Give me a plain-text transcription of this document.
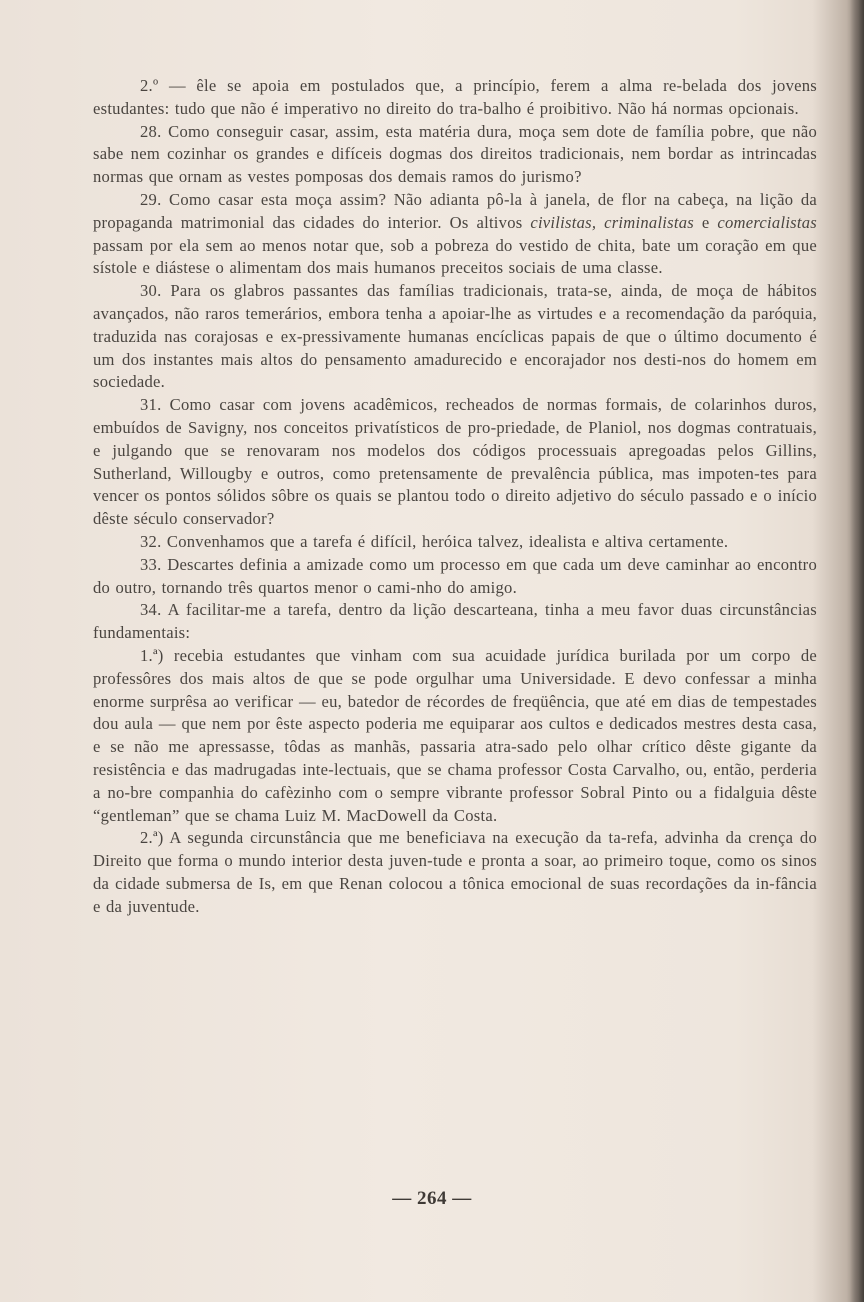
2.º — êle se apoia em postulados que, a princípio, ferem a alma re-belada dos jovens estudantes: tudo que não é imperativo no direito do tra-balho é proibitivo. Não há normas opcionais.

28. Como conseguir casar, assim, esta matéria dura, moça sem dote de família pobre, que não sabe nem cozinhar os grandes e difíceis dogmas dos direitos tradicionais, nem bordar as intrincadas normas que ornam as vestes pomposas dos demais ramos do jurismo?

29. Como casar esta moça assim? Não adianta pô-la à janela, de flor na cabeça, na lição da propaganda matrimonial das cidades do interior. Os altivos civilistas, criminalistas e comercialistas passam por ela sem ao menos notar que, sob a pobreza do vestido de chita, bate um coração em que sístole e diástese o alimentam dos mais humanos preceitos sociais de uma classe.

30. Para os glabros passantes das famílias tradicionais, trata-se, ainda, de moça de hábitos avançados, não raros temerários, embora tenha a apoiar-lhe as virtudes e a recomendação da paróquia, traduzida nas corajosas e ex-pressivamente humanas encíclicas papais de que o último documento é um dos instantes mais altos do pensamento amadurecido e encorajador nos desti-nos do homem em sociedade.

31. Como casar com jovens acadêmicos, recheados de normas formais, de colarinhos duros, embuídos de Savigny, nos conceitos privatísticos de pro-priedade, de Planiol, nos dogmas contratuais, e julgando que se renovaram nos modelos dos códigos processuais apregoadas pelos Gillins, Sutherland, Willougby e outros, como pretensamente de prevalência pública, mas impoten-tes para vencer os pontos sólidos sôbre os quais se plantou todo o direito adjetivo do século passado e o início dêste século conservador?

32. Convenhamos que a tarefa é difícil, heróica talvez, idealista e altiva certamente.

33. Descartes definia a amizade como um processo em que cada um deve caminhar ao encontro do outro, tornando três quartos menor o cami-nho do amigo.

34. A facilitar-me a tarefa, dentro da lição descarteana, tinha a meu favor duas circunstâncias fundamentais:

1.ª) recebia estudantes que vinham com sua acuidade jurídica burilada por um corpo de professôres dos mais altos de que se pode orgulhar uma Universidade. E devo confessar a minha enorme surprêsa ao verificar — eu, batedor de récordes de freqüência, que até em dias de tempestades dou aula — que nem por êste aspecto poderia me equiparar aos cultos e dedicados mestres desta casa, e se não me apressasse, tôdas as manhãs, passaria atra-sado pelo olhar crítico dêste gigante da resistência e das madrugadas inte-lectuais, que se chama professor Costa Carvalho, ou, então, perderia a no-bre companhia do cafèzinho com o sempre vibrante professor Sobral Pinto ou a fidalguia dêste “gentleman” que se chama Luiz M. MacDowell da Costa.

2.ª) A segunda circunstância que me beneficiava na execução da ta-refa, advinha da crença do Direito que forma o mundo interior desta juven-tude e pronta a soar, ao primeiro toque, como os sinos da cidade submersa de Is, em que Renan colocou a tônica emocional de suas recordações da in-fância e da juventude.

— 264 —
